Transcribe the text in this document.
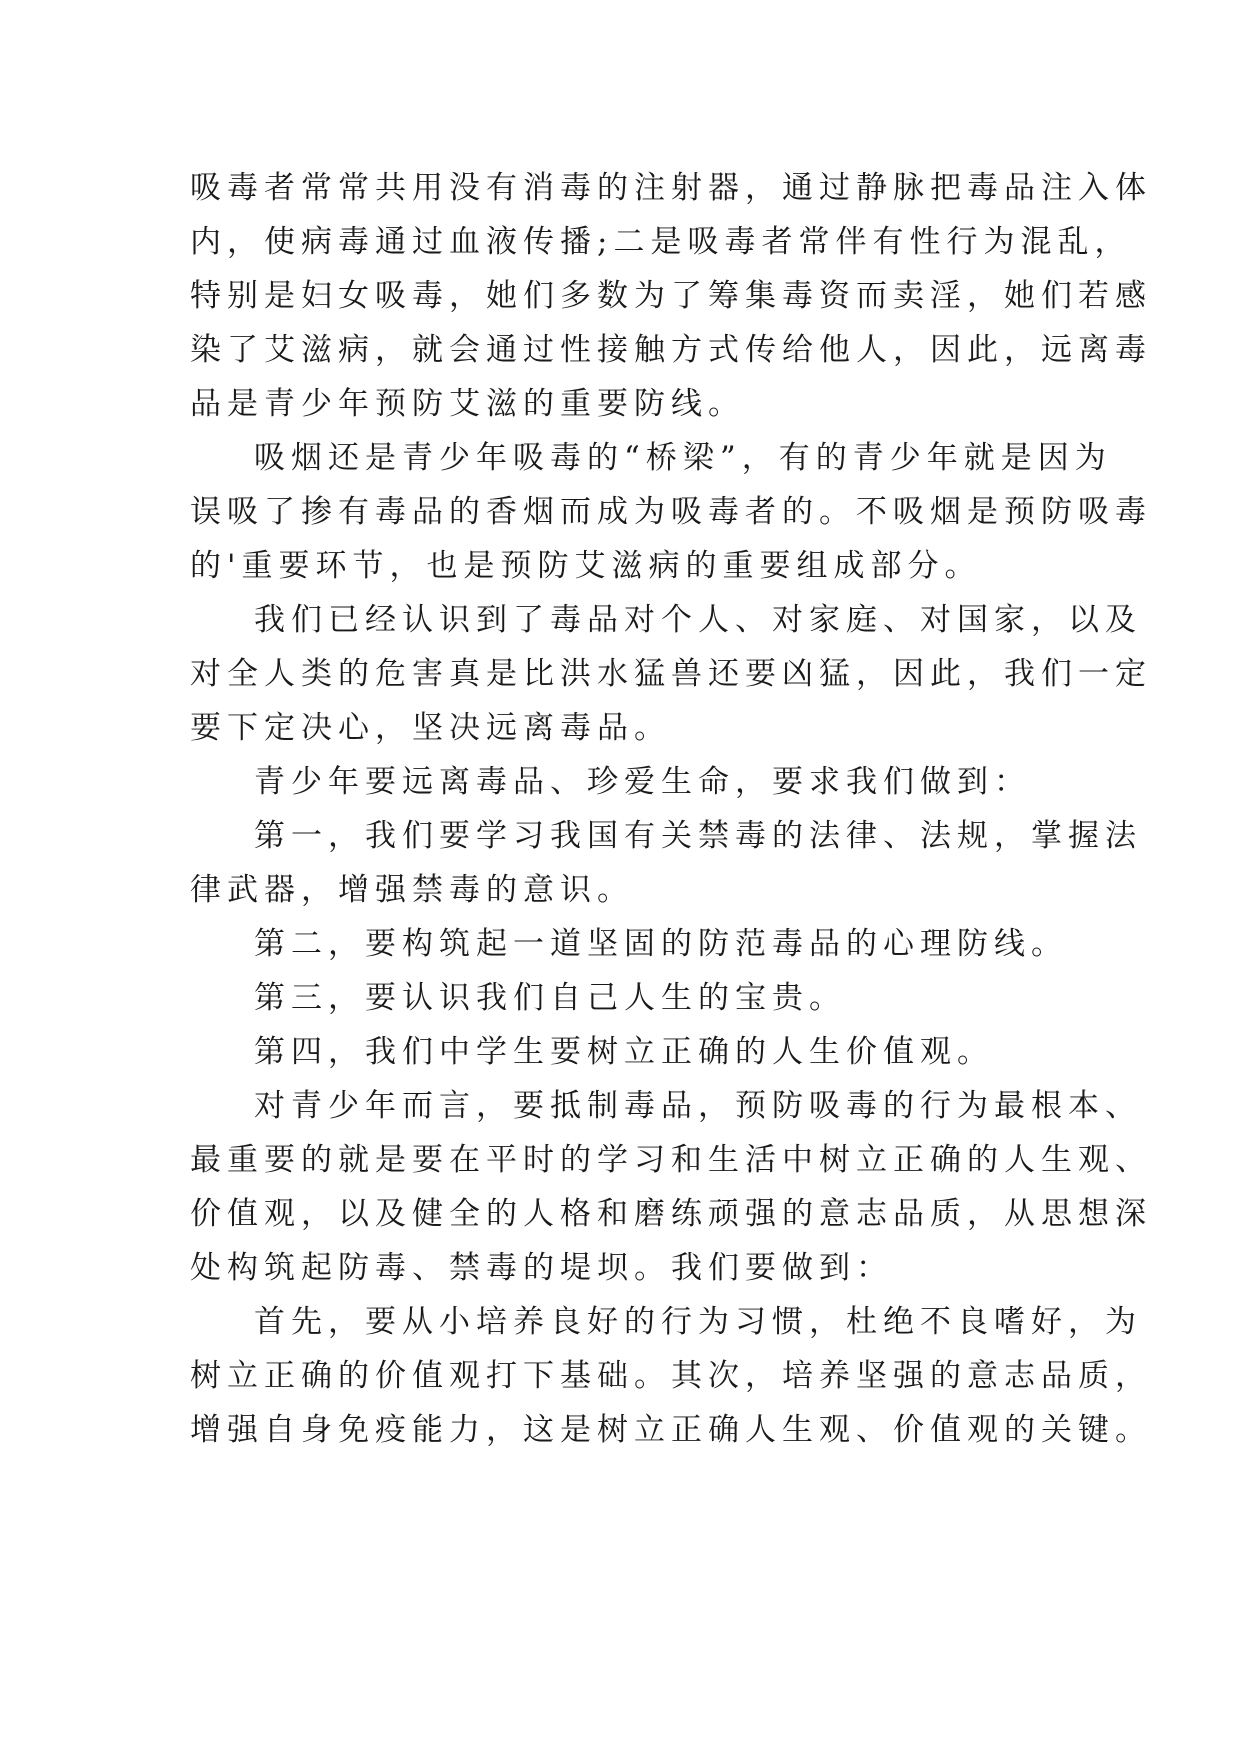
吸毒者常常共用没有消毒的注射器，通过静脉把毒品注入体
内，使病毒通过血液传播;二是吸毒者常伴有性行为混乱，
特别是妇女吸毒，她们多数为了筹集毒资而卖淫，她们若感
染了艾滋病，就会通过性接触方式传给他人，因此，远离毒
品是青少年预防艾滋的重要防线。
吸烟还是青少年吸毒的“桥梁”，有的青少年就是因为
误吸了掺有毒品的香烟而成为吸毒者的。不吸烟是预防吸毒
的'重要环节，也是预防艾滋病的重要组成部分。
我们已经认识到了毒品对个人、对家庭、对国家，以及
对全人类的危害真是比洪水猛兽还要凶猛，因此，我们一定
要下定决心，坚决远离毒品。
青少年要远离毒品、珍爱生命，要求我们做到：
第一，我们要学习我国有关禁毒的法律、法规，掌握法
律武器，增强禁毒的意识。
第二，要构筑起一道坚固的防范毒品的心理防线。
第三，要认识我们自己人生的宝贵。
第四，我们中学生要树立正确的人生价值观。
对青少年而言，要抵制毒品，预防吸毒的行为最根本、
最重要的就是要在平时的学习和生活中树立正确的人生观、
价值观，以及健全的人格和磨练顽强的意志品质，从思想深
处构筑起防毒、禁毒的堤坝。我们要做到：
首先，要从小培养良好的行为习惯，杜绝不良嗜好，为
树立正确的价值观打下基础。其次，培养坚强的意志品质，
增强自身免疫能力，这是树立正确人生观、价值观的关键。
